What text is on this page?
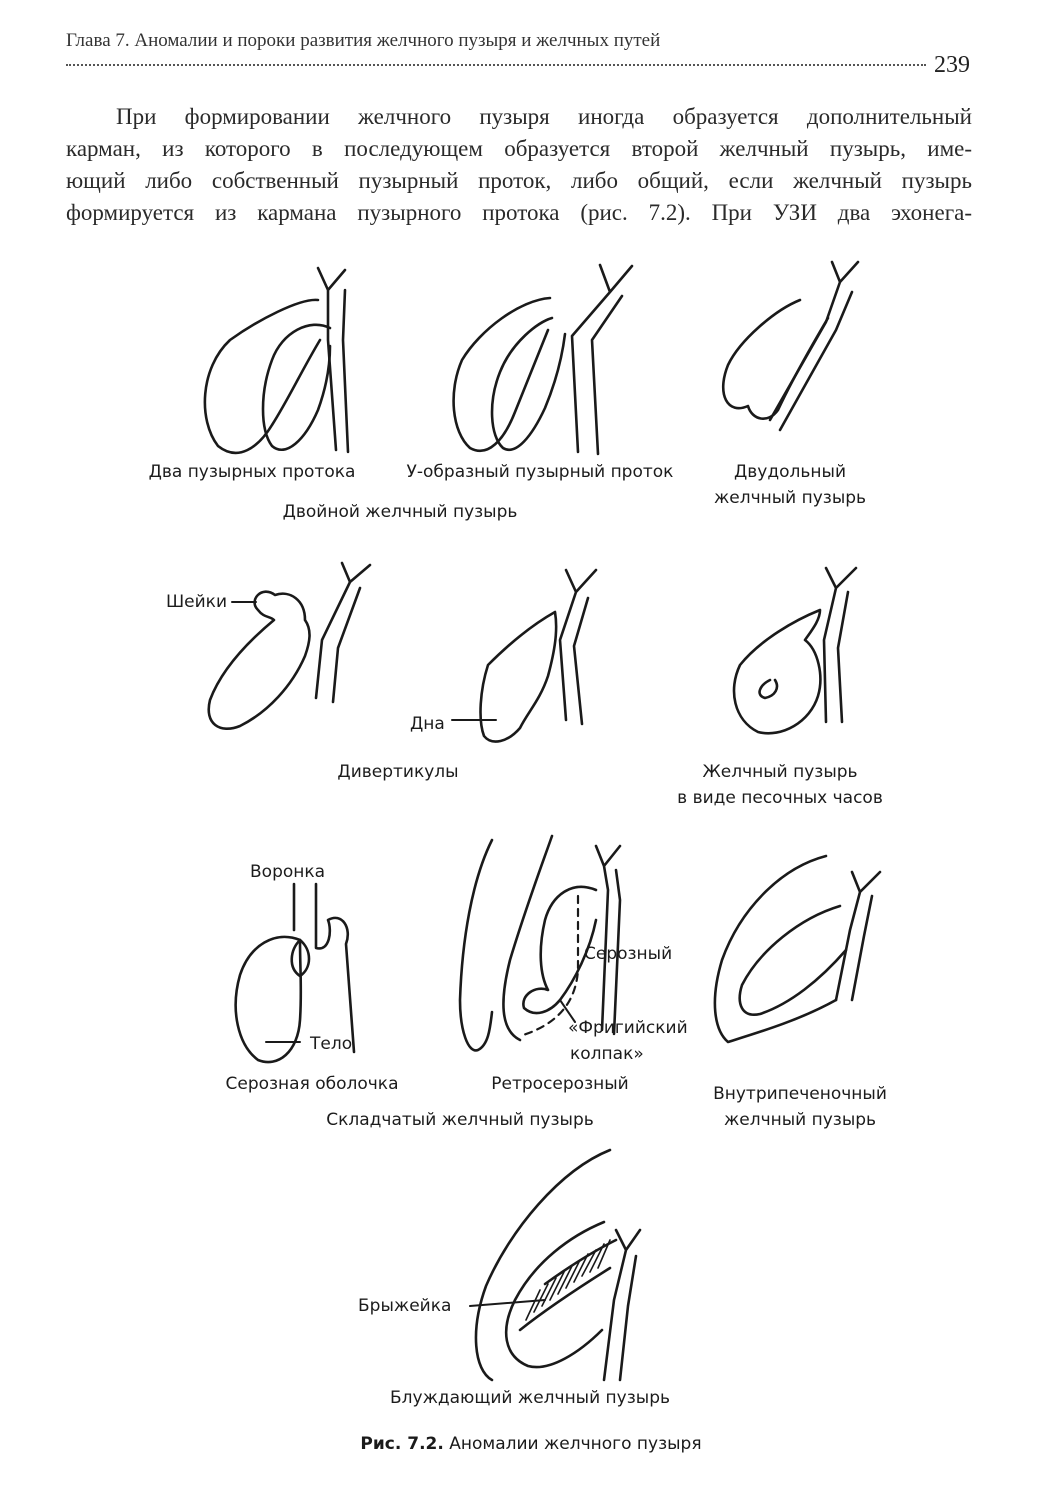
Глава 7. Аномалии и пороки развития желчного пузыря и желчных путей
239
При формировании желчного пузыря иногда образуется дополнительный
карман, из которого в последующем образуется второй желчный пузырь, име-
ющий либо собственный пузырный проток, либо общий, если желчный пузырь
формируется из кармана пузырного протока (рис. 7.2). При УЗИ два эхонега-
Два пузырных протока	У-образный пузырный проток	Двудольный
желчный пузырь
Двойной желчный пузырь
Шейки
Дна
Дивертикулы	Желчный пузырь
в виде песочных часов
Воронка
Тело
Серозная оболочка
Серозный
«Фригийский
колпак»
Ретросерозный	Внутрипеченочный
желчный пузырь
Складчатый желчный пузырь
Брыжейка
Блуждающий желчный пузырь
Рис. 7.2. Аномалии желчного пузыря
